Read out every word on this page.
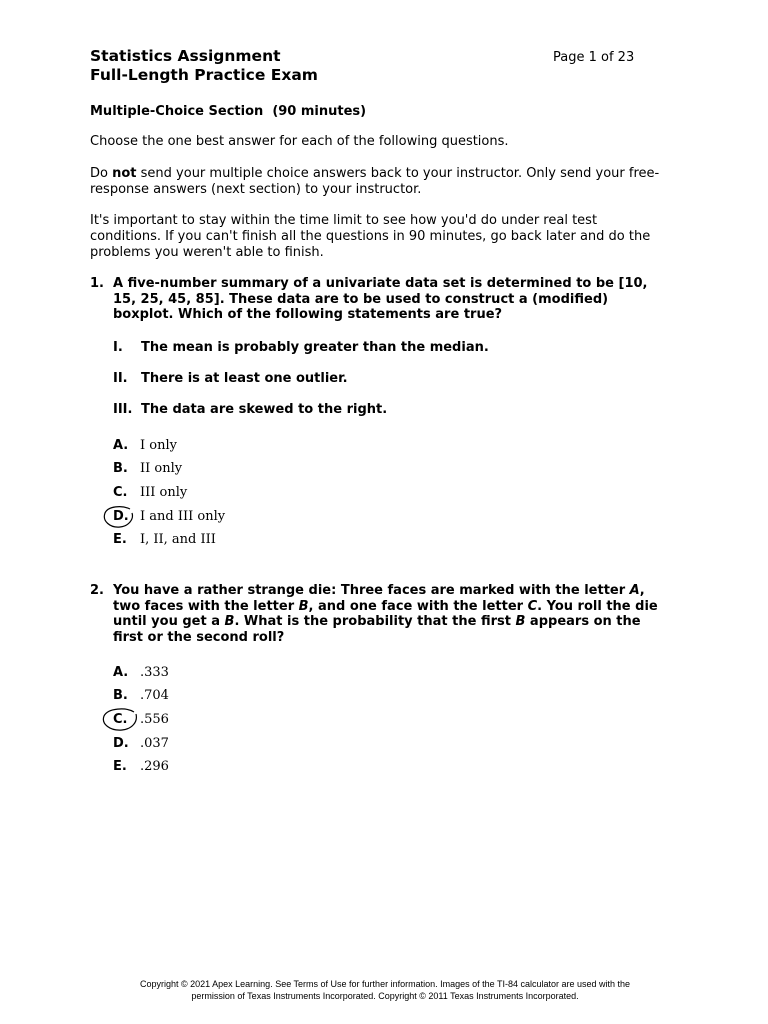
Statistics Assignment
Full-Length Practice Exam
Page 1 of 23
Multiple-Choice Section  (90 minutes)
Choose the one best answer for each of the following questions.
Do not send your multiple choice answers back to your instructor. Only send your free-response answers (next section) to your instructor.
It's important to stay within the time limit to see how you'd do under real test conditions. If you can't finish all the questions in 90 minutes, go back later and do the problems you weren't able to finish.
1. A five-number summary of a univariate data set is determined to be [10, 15, 25, 45, 85]. These data are to be used to construct a (modified) boxplot. Which of the following statements are true?
I. The mean is probably greater than the median.
II. There is at least one outlier.
III. The data are skewed to the right.
A. I only
B. II only
C. III only
D. I and III only
E. I, II, and III
2. You have a rather strange die: Three faces are marked with the letter A, two faces with the letter B, and one face with the letter C. You roll the die until you get a B. What is the probability that the first B appears on the first or the second roll?
A. .333
B. .704
C. .556
D. .037
E. .296
Copyright © 2021 Apex Learning. See Terms of Use for further information. Images of the TI-84 calculator are used with the
permission of Texas Instruments Incorporated. Copyright © 2011 Texas Instruments Incorporated.
